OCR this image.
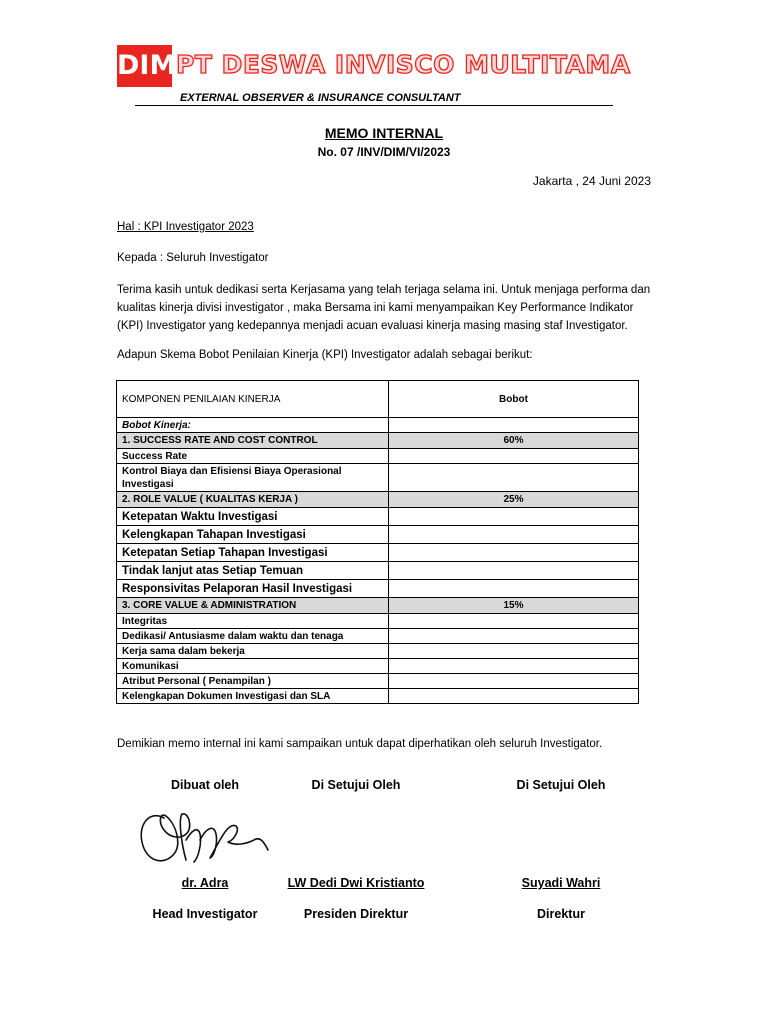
DIM PT DESWA INVISCO MULTITAMA
EXTERNAL OBSERVER & INSURANCE CONSULTANT
MEMO INTERNAL
No. 07 /INV/DIM/VI/2023
Jakarta , 24 Juni 2023
Hal : KPI Investigator 2023
Kepada : Seluruh Investigator
Terima kasih untuk dedikasi serta Kerjasama yang telah terjaga selama ini. Untuk menjaga performa dan kualitas kinerja divisi investigator , maka Bersama ini kami menyampaikan Key Performance Indikator (KPI) Investigator yang kedepannya menjadi acuan evaluasi kinerja masing masing staf Investigator.
Adapun Skema Bobot Penilaian Kinerja (KPI) Investigator adalah sebagai berikut:
KOMPONEN PENILAIAN KINERJA	Bobot
Bobot Kinerja:	
1. SUCCESS RATE AND COST CONTROL	60%
Success Rate	
Kontrol Biaya dan Efisiensi Biaya Operasional Investigasi	
2. ROLE VALUE ( KUALITAS KERJA )	25%
Ketepatan Waktu Investigasi	
Kelengkapan Tahapan Investigasi	
Ketepatan Setiap Tahapan Investigasi	
Tindak lanjut atas Setiap Temuan	
Responsivitas Pelaporan Hasil Investigasi	
3. CORE VALUE & ADMINISTRATION	15%
Integritas	
Dedikasi/ Antusiasme dalam waktu dan tenaga	
Kerja sama dalam bekerja	
Komunikasi	
Atribut Personal ( Penampilan )	
Kelengkapan Dokumen Investigasi dan SLA	
Demikian memo internal ini kami sampaikan untuk dapat diperhatikan oleh seluruh Investigator.
Dibuat oleh	Di Setujui Oleh	Di Setujui Oleh
dr. Adra	LW Dedi Dwi Kristianto	Suyadi Wahri
Head Investigator	Presiden Direktur	Direktur
